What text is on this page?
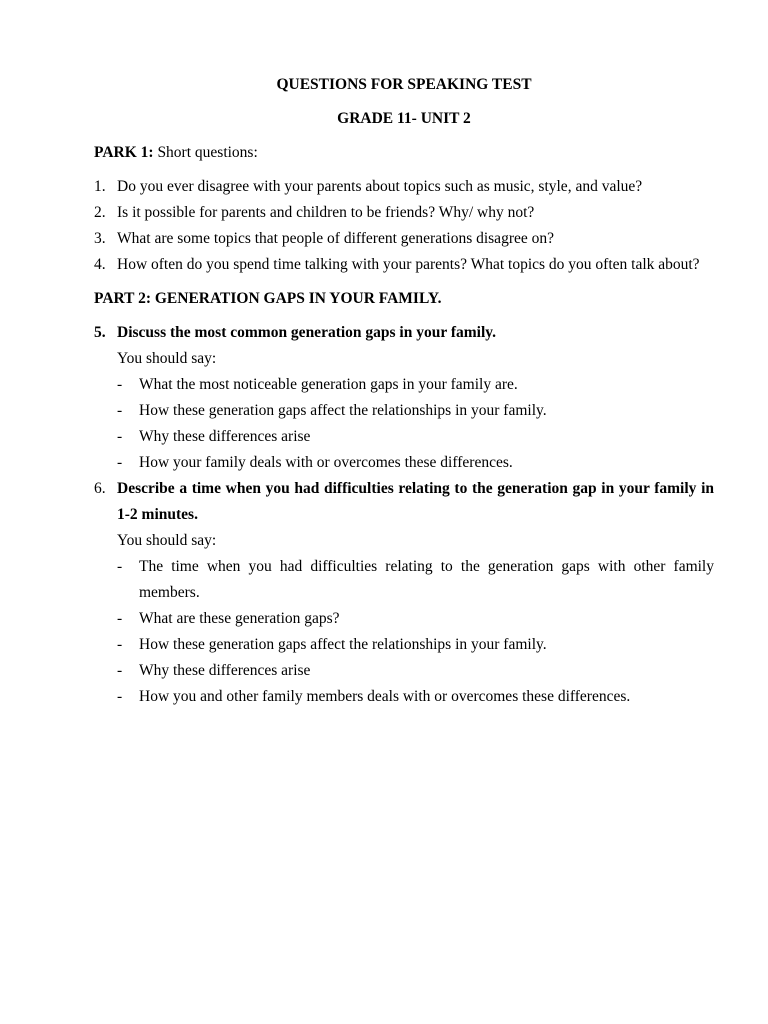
QUESTIONS FOR SPEAKING TEST

GRADE 11- UNIT 2

PARK 1: Short questions:

1. Do you ever disagree with your parents about topics such as music, style, and value?
2. Is it possible for parents and children to be friends? Why/ why not?
3. What are some topics that people of different generations disagree on?
4. How often do you spend time talking with your parents? What topics do you often talk about?

PART 2: GENERATION GAPS IN YOUR FAMILY.

5. Discuss the most common generation gaps in your family.
You should say:
-	What the most noticeable generation gaps in your family are.
-	How these generation gaps affect the relationships in your family.
-	Why these differences arise
-	How your family deals with or overcomes these differences.
6. Describe a time when you had difficulties relating to the generation gap in your family in 1-2 minutes.
You should say:
-	The time when you had difficulties relating to the generation gaps with other family members.
-	What are these generation gaps?
-	How these generation gaps affect the relationships in your family.
-	Why these differences arise
-	How you and other family members deals with or overcomes these differences.
